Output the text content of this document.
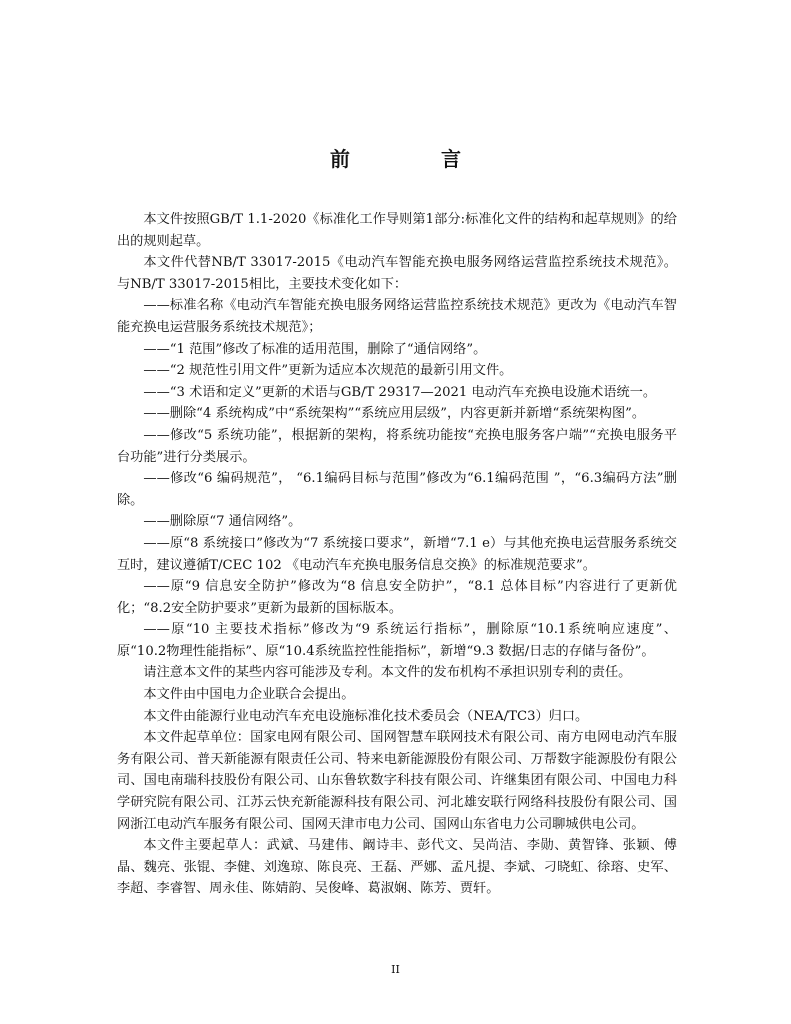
前 言

本文件按照GB/T 1.1-2020《标准化工作导则第1部分:标准化文件的结构和起草规则》的给出的规则起草。

本文件代替NB/T 33017-2015《电动汽车智能充换电服务网络运营监控系统技术规范》。与NB/T 33017-2015相比，主要技术变化如下：

——标准名称《电动汽车智能充换电服务网络运营监控系统技术规范》更改为《电动汽车智能充换电运营服务系统技术规范》；

——“1 范围”修改了标准的适用范围，删除了“通信网络”。

——“2 规范性引用文件”更新为适应本次规范的最新引用文件。

——“3 术语和定义”更新的术语与GB/T 29317—2021 电动汽车充换电设施术语统一。

——删除“4 系统构成”中“系统架构”“系统应用层级”，内容更新并新增“系统架构图”。

——修改“5 系统功能”，根据新的架构，将系统功能按“充换电服务客户端”“充换电服务平台功能”进行分类展示。

——修改“6 编码规范”， “6.1编码目标与范围”修改为“6.1编码范围 ”，“6.3编码方法”删除。

——删除原“7 通信网络”。

——原“8 系统接口”修改为“7 系统接口要求”，新增“7.1 e）与其他充换电运营服务系统交互时，建议遵循T/CEC 102 《电动汽车充换电服务信息交换》的标准规范要求”。

——原“9 信息安全防护”修改为“8 信息安全防护”，“8.1 总体目标”内容进行了更新优化；“8.2安全防护要求”更新为最新的国标版本。

——原“10 主要技术指标”修改为“9 系统运行指标”，删除原“10.1系统响应速度”、原“10.2物理性能指标”、原“10.4系统监控性能指标”，新增“9.3 数据/日志的存储与备份”。

请注意本文件的某些内容可能涉及专利。本文件的发布机构不承担识别专利的责任。

本文件由中国电力企业联合会提出。

本文件由能源行业电动汽车充电设施标准化技术委员会（NEA/TC3）归口。

本文件起草单位：国家电网有限公司、国网智慧车联网技术有限公司、南方电网电动汽车服务有限公司、普天新能源有限责任公司、特来电新能源股份有限公司、万帮数字能源股份有限公司、国电南瑞科技股份有限公司、山东鲁软数字科技有限公司、许继集团有限公司、中国电力科学研究院有限公司、江苏云快充新能源科技有限公司、河北雄安联行网络科技股份有限公司、国网浙江电动汽车服务有限公司、国网天津市电力公司、国网山东省电力公司聊城供电公司。

本文件主要起草人：武斌、马建伟、阚诗丰、彭代文、吴尚洁、李勋、黄智锋、张颖、傅晶、魏亮、张锟、李健、刘逸琼、陈良亮、王磊、严娜、孟凡提、李斌、刁晓虹、徐瑢、史军、李超、李睿智、周永佳、陈婧韵、吴俊峰、葛淑娴、陈芳、贾轩。

II
